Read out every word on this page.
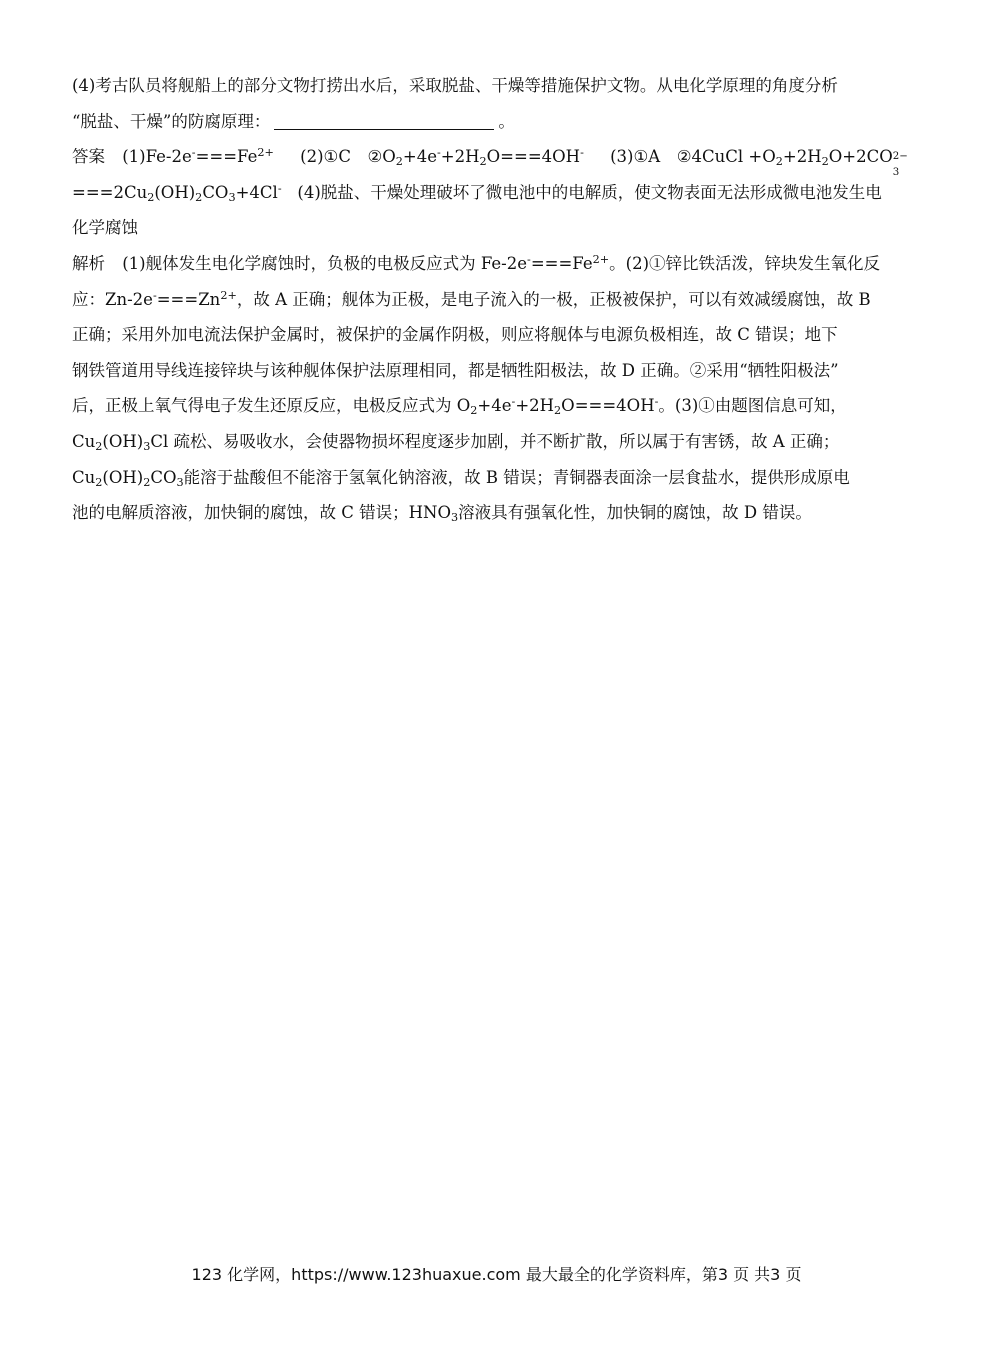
(4)考古队员将舰船上的部分文物打捞出水后，采取脱盐、干燥等措施保护文物。从电化学原理的角度分析
“脱盐、干燥”的防腐原理：	。
答案 $(1)Fe-2e^-===Fe^{2+}$ (2)①C　$②O_2+4e^-+2H_2O===4OH^-$ (3)①A　②4CuCl $+O_2+2H_2O+2CO$ 2−
3
$===2Cu_2(OH)_2CO_3+4Cl^-$ (4)脱盐、干燥处理破坏了微电池中的电解质，使文物表面无法形成微电池发生电
化学腐蚀
解析 (1)舰体发生电化学腐蚀时，负极的电极反应式为 $Fe-2e^-===Fe^{2+}$。(2)①锌比铁活泼，锌块发生氧化反
应：$Zn-2e^-===Zn^{2+}$，故 A 正确；舰体为正极，是电子流入的一极，正极被保护，可以有效减缓腐蚀，故 B
正确；采用外加电流法保护金属时，被保护的金属作阴极，则应将舰体与电源负极相连，故 C 错误；地下
钢铁管道用导线连接锌块与该种舰体保护法原理相同，都是牺牲阳极法，故 D 正确。②采用“牺牲阳极法”
后，正极上氧气得电子发生还原反应，电极反应式为 $O_2+4e^-+2H_2O===4OH^-$。(3)①由题图信息可知，
$Cu_2(OH)_3Cl$ 疏松、易吸收水，会使器物损坏程度逐步加剧，并不断扩散，所以属于有害锈，故 A 正确；
$Cu_2(OH)_2CO_3$能溶于盐酸但不能溶于氢氧化钠溶液，故 B 错误；青铜器表面涂一层食盐水，提供形成原电
池的电解质溶液，加快铜的腐蚀，故 C 错误；$HNO_3$溶液具有强氧化性，加快铜的腐蚀，故 D 错误。
123 化学网，https://www.123huaxue.com 最大最全的化学资料库，第3 页 共3 页
